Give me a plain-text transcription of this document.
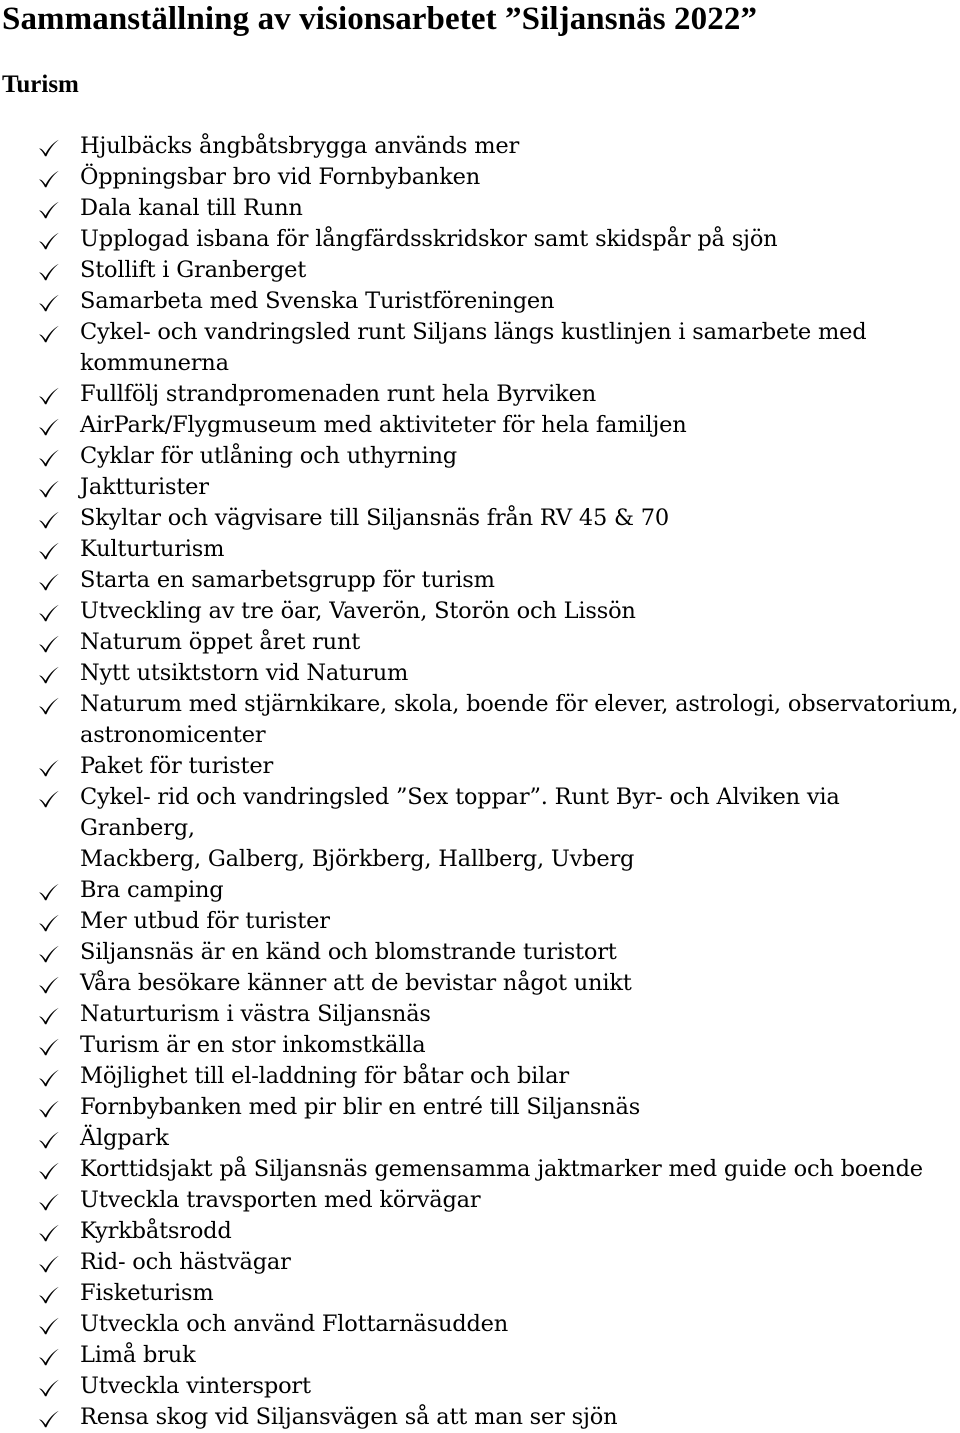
Sammanställning av visionsarbetet ”Siljansnäs 2022”
Turism
Hjulbäcks ångbåtsbrygga används mer
Öppningsbar bro vid Fornbybanken
Dala kanal till Runn
Upplogad isbana för långfärdsskridskor samt skidspår på sjön
Stollift i Granberget
Samarbeta med Svenska Turistföreningen
Cykel- och vandringsled runt Siljans längs kustlinjen i samarbete med
kommunerna
Fullfölj strandpromenaden runt hela Byrviken
AirPark/Flygmuseum med aktiviteter för hela familjen
Cyklar för utlåning och uthyrning
Jaktturister
Skyltar och vägvisare till Siljansnäs från RV 45 & 70
Kulturturism
Starta en samarbetsgrupp för turism
Utveckling av tre öar, Vaverön, Storön och Lissön
Naturum öppet året runt
Nytt utsiktstorn vid Naturum
Naturum med stjärnkikare, skola, boende för elever, astrologi, observatorium,
astronomicenter
Paket för turister
Cykel- rid och vandringsled ”Sex toppar”. Runt Byr- och Alviken via Granberg,
Mackberg, Galberg, Björkberg, Hallberg, Uvberg
Bra camping
Mer utbud för turister
Siljansnäs är en känd och blomstrande turistort
Våra besökare känner att de bevistar något unikt
Naturturism i västra Siljansnäs
Turism är en stor inkomstkälla
Möjlighet till el-laddning för båtar och bilar
Fornbybanken med pir blir en entré till Siljansnäs
Älgpark
Korttidsjakt på Siljansnäs gemensamma jaktmarker med guide och boende
Utveckla travsporten med körvägar
Kyrkbåtsrodd
Rid- och hästvägar
Fisketurism
Utveckla och använd Flottarnäsudden
Limå bruk
Utveckla vintersport
Rensa skog vid Siljansvägen så att man ser sjön
